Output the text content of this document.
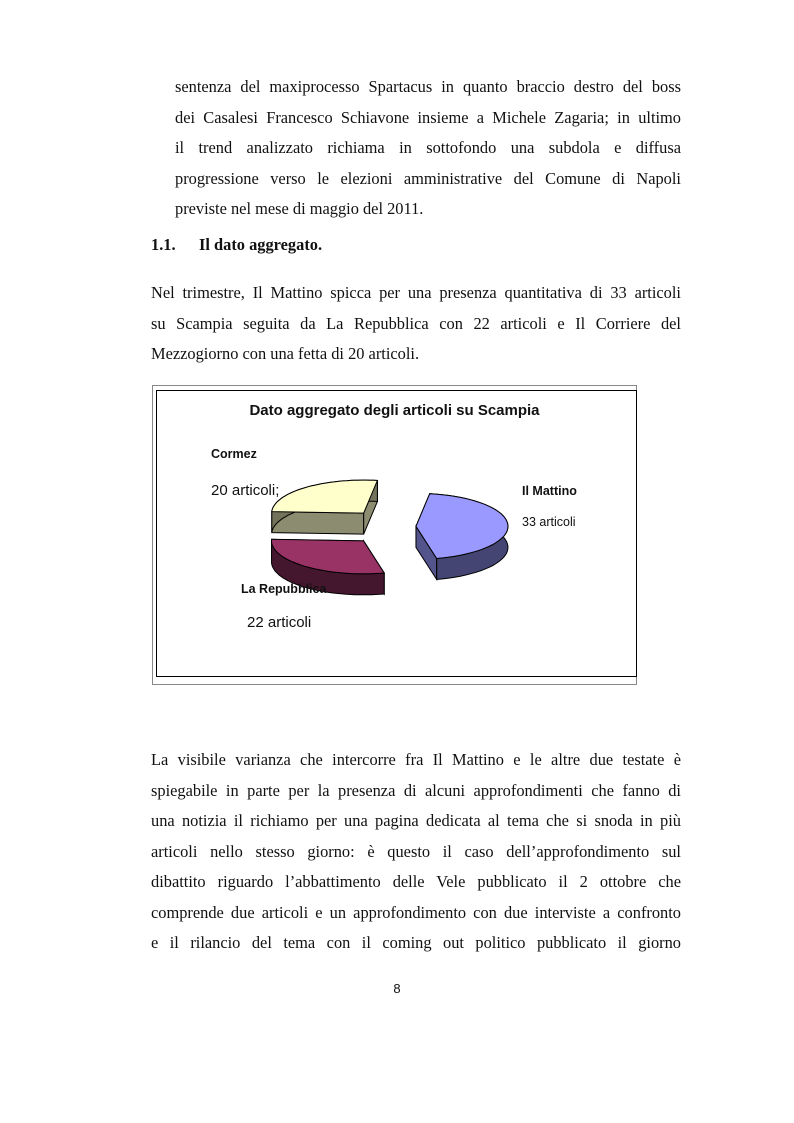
sentenza del maxiprocesso Spartacus in quanto braccio destro del boss
dei Casalesi Francesco Schiavone insieme a Michele Zagaria; in ultimo
il trend analizzato richiama in sottofondo una subdola e diffusa
progressione verso le elezioni amministrative del Comune di Napoli
previste nel mese di maggio del 2011.
1.1. Il dato aggregato.
Nel trimestre, Il Mattino spicca per una presenza quantitativa di 33 articoli
su Scampia seguita da La Repubblica con 22 articoli e Il Corriere del
Mezzogiorno con una fetta di 20 articoli.
Dato aggregato degli articoli su Scampia
Cormez
20 articoli;	Il Mattino
33 articoli
La Repubblica
22 articoli
La visibile varianza che intercorre fra Il Mattino e le altre due testate è
spiegabile in parte per la presenza di alcuni approfondimenti che fanno di
una notizia il richiamo per una pagina dedicata al tema che si snoda in più
articoli nello stesso giorno: è questo il caso dell’approfondimento sul
dibattito riguardo l’abbattimento delle Vele pubblicato il 2 ottobre che
comprende due articoli e un approfondimento con due interviste a confronto
e il rilancio del tema con il coming out politico pubblicato il giorno
8
